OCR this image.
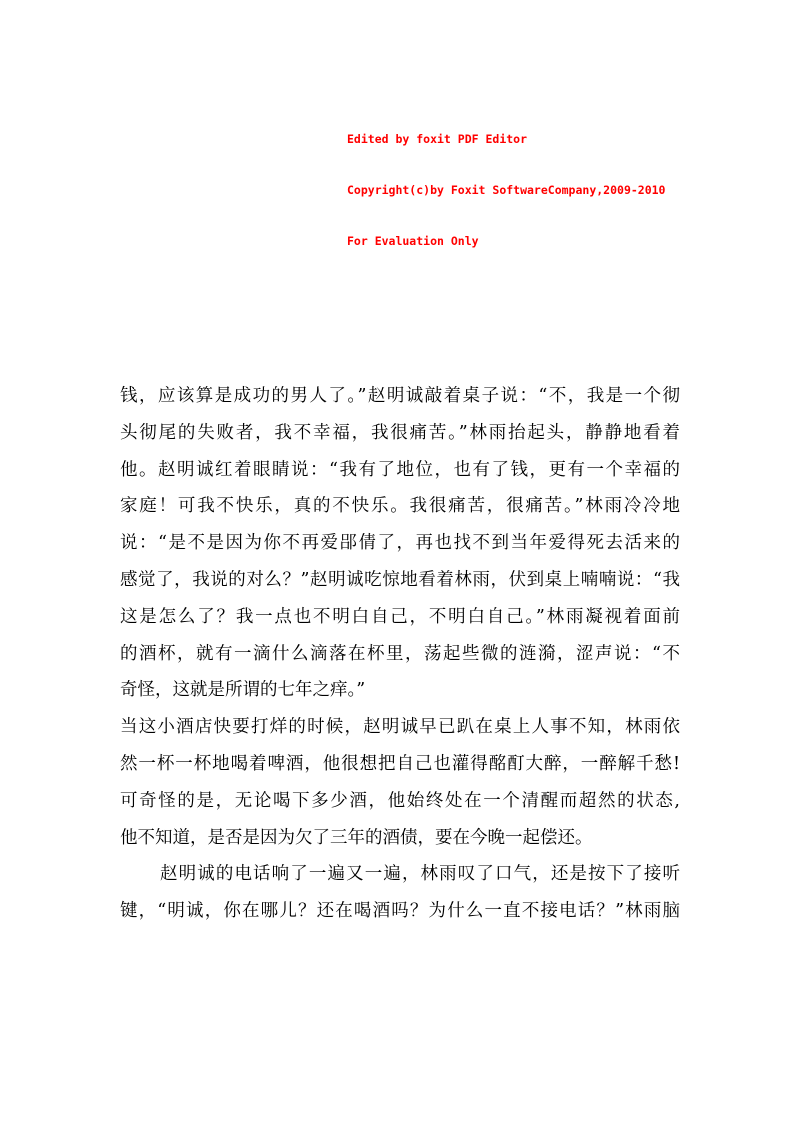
Edited by foxit PDF Editor

Copyright(c)by Foxit SoftwareCompany,2009-2010

For Evaluation Only

钱，应该算是成功的男人了。”赵明诚敲着桌子说：“不，我是一个彻
头彻尾的失败者，我不幸福，我很痛苦。”林雨抬起头，静静地看着
他。赵明诚红着眼睛说：“我有了地位，也有了钱，更有一个幸福的
家庭！可我不快乐，真的不快乐。我很痛苦，很痛苦。”林雨冷冷地
说：“是不是因为你不再爱郘倩了，再也找不到当年爱得死去活来的
感觉了，我说的对么？”赵明诚吃惊地看着林雨，伏到桌上喃喃说：“我
这是怎么了？我一点也不明白自己，不明白自己。”林雨凝视着面前
的酒杯，就有一滴什么滴落在杯里，荡起些微的涟漪，涩声说：“不
奇怪，这就是所谓的七年之痒。”
当这小酒店快要打烊的时候，赵明诚早已趴在桌上人事不知，林雨依
然一杯一杯地喝着啤酒，他很想把自己也灌得酩酊大醉，一醉解千愁!
可奇怪的是，无论喝下多少酒，他始终处在一个清醒而超然的状态,
他不知道，是否是因为欠了三年的酒债，要在今晚一起偿还。
赵明诚的电话响了一遍又一遍，林雨叹了口气，还是按下了接听
键，“明诚，你在哪儿？还在喝酒吗？为什么一直不接电话？”林雨脑
